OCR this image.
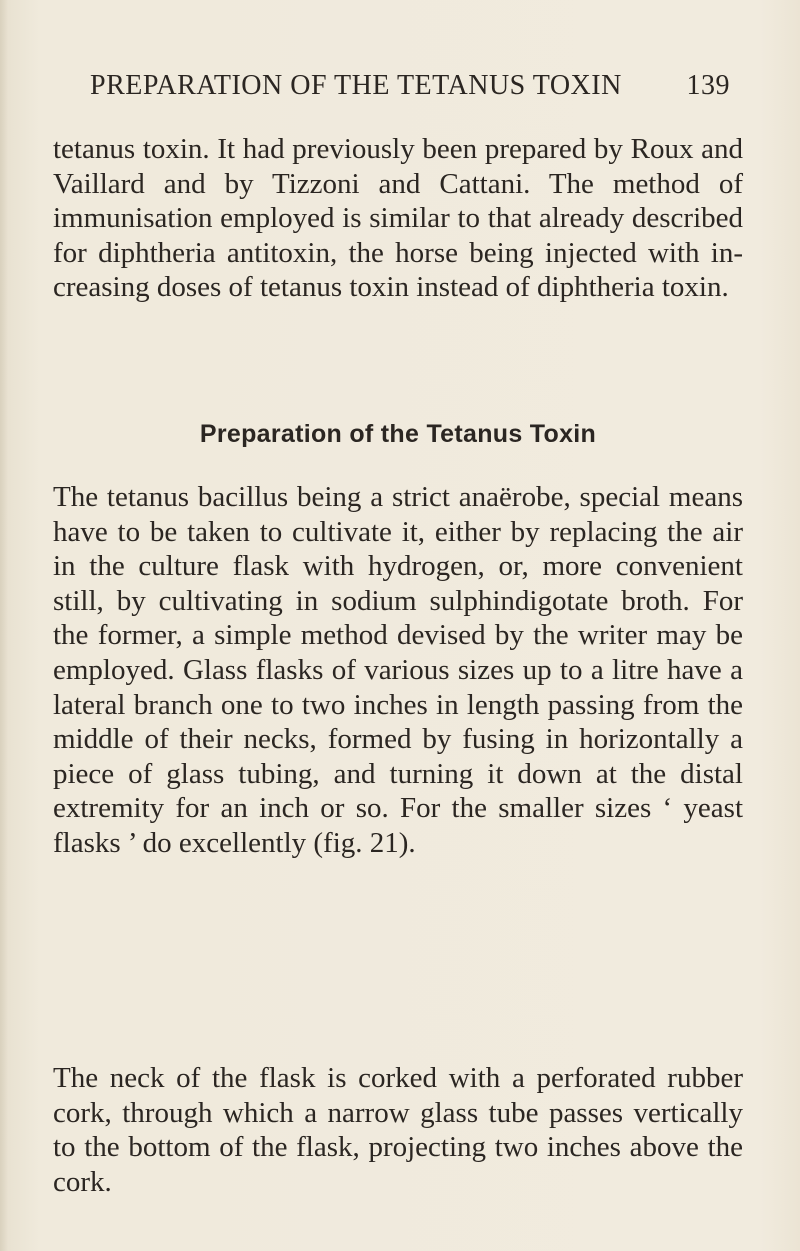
PREPARATION OF THE TETANUS TOXIN 139

tetanus toxin. It had previously been prepared by Roux and Vaillard and by Tizzoni and Cattani. The method of immunisation employed is similar to that already described for diphtheria antitoxin, the horse being injected with increasing doses of tetanus toxin instead of diphtheria toxin.

Preparation of the Tetanus Toxin

The tetanus bacillus being a strict anaërobe, special means have to be taken to cultivate it, either by replacing the air in the culture flask with hydrogen, or, more convenient still, by cultivating in sodium sulphindigotate broth. For the former, a simple method devised by the writer may be employed. Glass flasks of various sizes up to a litre have a lateral branch one to two inches in length passing from the middle of their necks, formed by fusing in horizontally a piece of glass tubing, and turning it down at the distal extremity for an inch or so. For the smaller sizes ‘ yeast flasks ’ do excellently (fig. 21).

The neck of the flask is corked with a perforated rubber cork, through which a narrow glass tube passes vertically to the bottom of the flask, projecting two inches above the cork.
